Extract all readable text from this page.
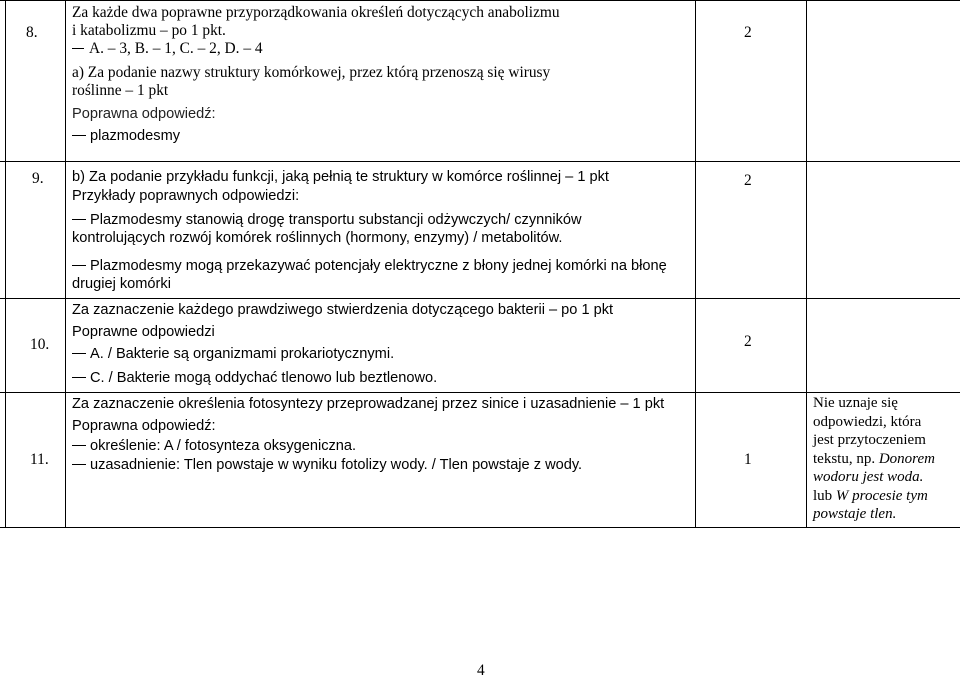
8.
Za każde dwa poprawne przyporządkowania określeń dotyczących anabolizmu
i katabolizmu – po 1 pkt.
A. – 3, B. – 1, C. – 2, D. – 4
2
a) Za podanie nazwy struktury komórkowej, przez którą przenoszą się wirusy
roślinne – 1 pkt
Poprawna odpowiedź:
plazmodesmy
9. b) Za podanie przykładu funkcji, jaką pełnią te struktury w komórce roślinnej – 1 pkt
Przykłady poprawnych odpowiedzi:
Plazmodesmy stanowią drogę transportu substancji odżywczych/ czynników
kontrolujących rozwój komórek roślinnych (hormony, enzymy) / metabolitów.
Plazmodesmy mogą przekazywać potencjały elektryczne z błony jednej komórki na błonę
drugiej komórki
2
10.
Za zaznaczenie każdego prawdziwego stwierdzenia dotyczącego bakterii – po 1 pkt
Poprawne odpowiedzi
A. / Bakterie są organizmami prokariotycznymi.
C. / Bakterie mogą oddychać tlenowo lub beztlenowo.
2
11.
Za zaznaczenie określenia fotosyntezy przeprowadzanej przez sinice i uzasadnienie – 1 pkt
Poprawna odpowiedź:
określenie: A / fotosynteza oksygeniczna.
uzasadnienie: Tlen powstaje w wyniku fotolizy wody. / Tlen powstaje z wody.	1
Nie uznaje się
odpowiedzi, która
jest przytoczeniem
tekstu, np. Donorem
wodoru jest woda.
lub W procesie tym
powstaje tlen.
4
